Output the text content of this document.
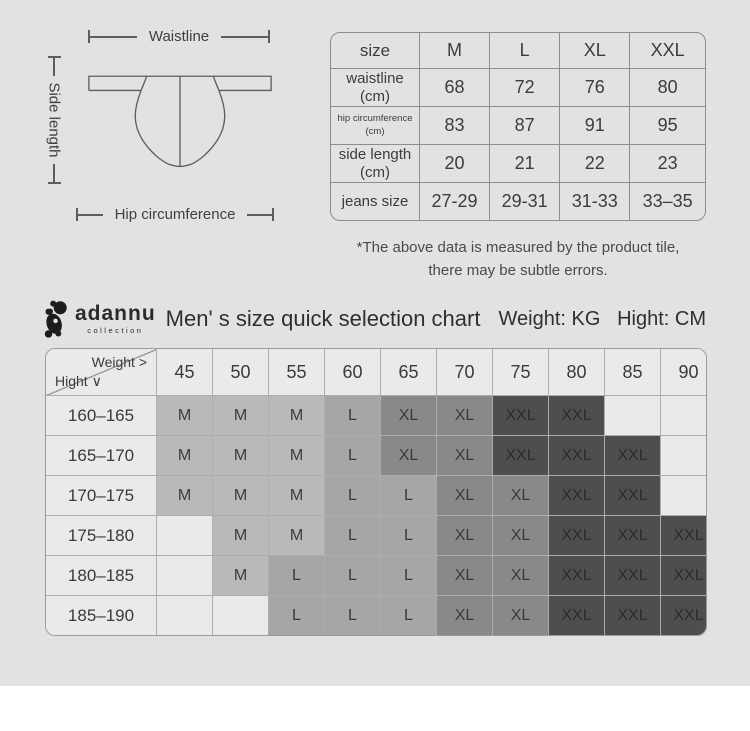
Waistline
Side length
Hip circumference
size	M	L	XL	XXL
waistline
(cm)	68	72	76	80
hip circumference
(cm)	83	87	91	95
side length
(cm)	20	21	22	23
jeans size	27-29	29-31	31-33	33–35
*The above data is measured by the product tile,
there may be subtle errors.
adannu
collection Men' s size quick selection chart Weight: KG   Hight: CM
Weight >
Hight ∨	45	50	55	60	65	70	75	80	85	90
160–165	M	M	M	L	XL	XL	XXL	XXL		
165–170	M	M	M	L	XL	XL	XXL	XXL	XXL	
170–175	M	M	M	L	L	XL	XL	XXL	XXL	
175–180		M	M	L	L	XL	XL	XXL	XXL	XXL
180–185		M	L	L	L	XL	XL	XXL	XXL	XXL
185–190			L	L	L	XL	XL	XXL	XXL	XXL
